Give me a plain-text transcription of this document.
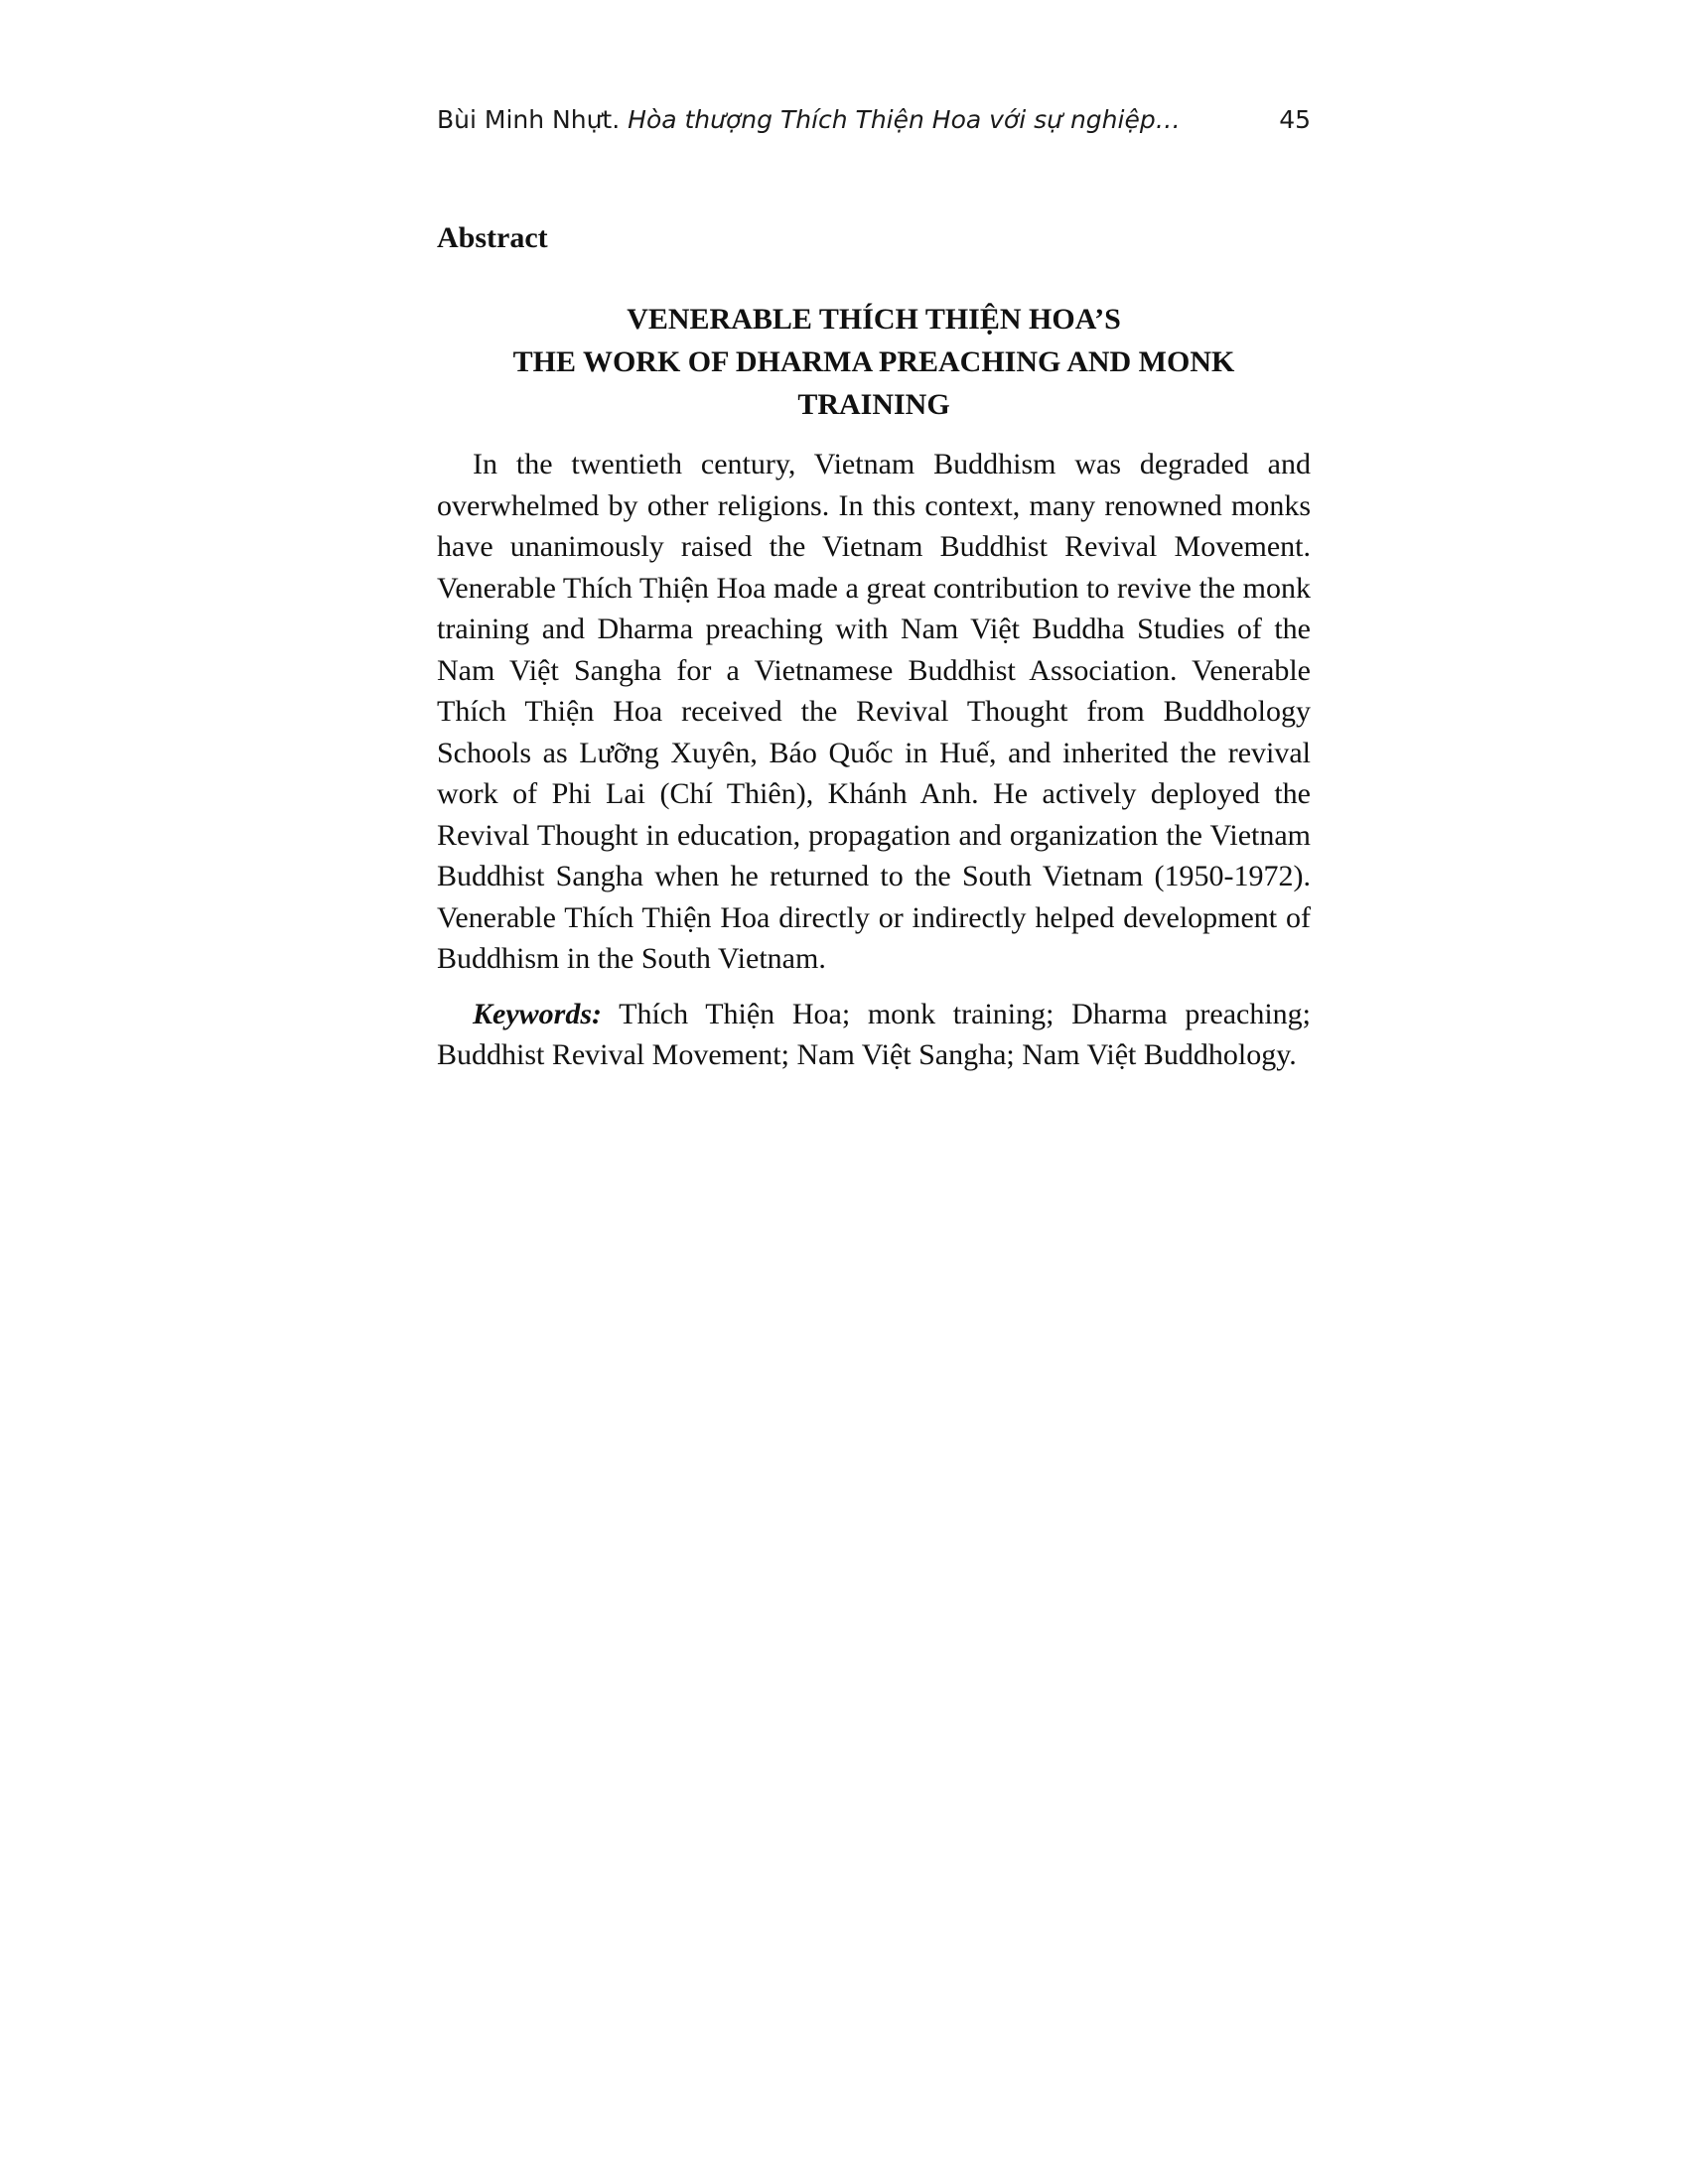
Bùi Minh Nhựt. Hòa thượng Thích Thiện Hoa với sự nghiệp…	45
Abstract
VENERABLE THÍCH THIỆN HOA’S
THE WORK OF DHARMA PREACHING AND MONK
TRAINING

In the twentieth century, Vietnam Buddhism was degraded and overwhelmed by other religions. In this context, many renowned monks have unanimously raised the Vietnam Buddhist Revival Movement. Venerable Thích Thiện Hoa made a great contribution to revive the monk training and Dharma preaching with Nam Việt Buddha Studies of the Nam Việt Sangha for a Vietnamese Buddhist Association. Venerable Thích Thiện Hoa received the Revival Thought from Buddhology Schools as Lưỡng Xuyên, Báo Quốc in Huế, and inherited the revival work of Phi Lai (Chí Thiên), Khánh Anh. He actively deployed the Revival Thought in education, propagation and organization the Vietnam Buddhist Sangha when he returned to the South Vietnam (1950-1972). Venerable Thích Thiện Hoa directly or indirectly helped development of Buddhism in the South Vietnam.

Keywords: Thích Thiện Hoa; monk training; Dharma preaching; Buddhist Revival Movement; Nam Việt Sangha; Nam Việt Buddhology.
